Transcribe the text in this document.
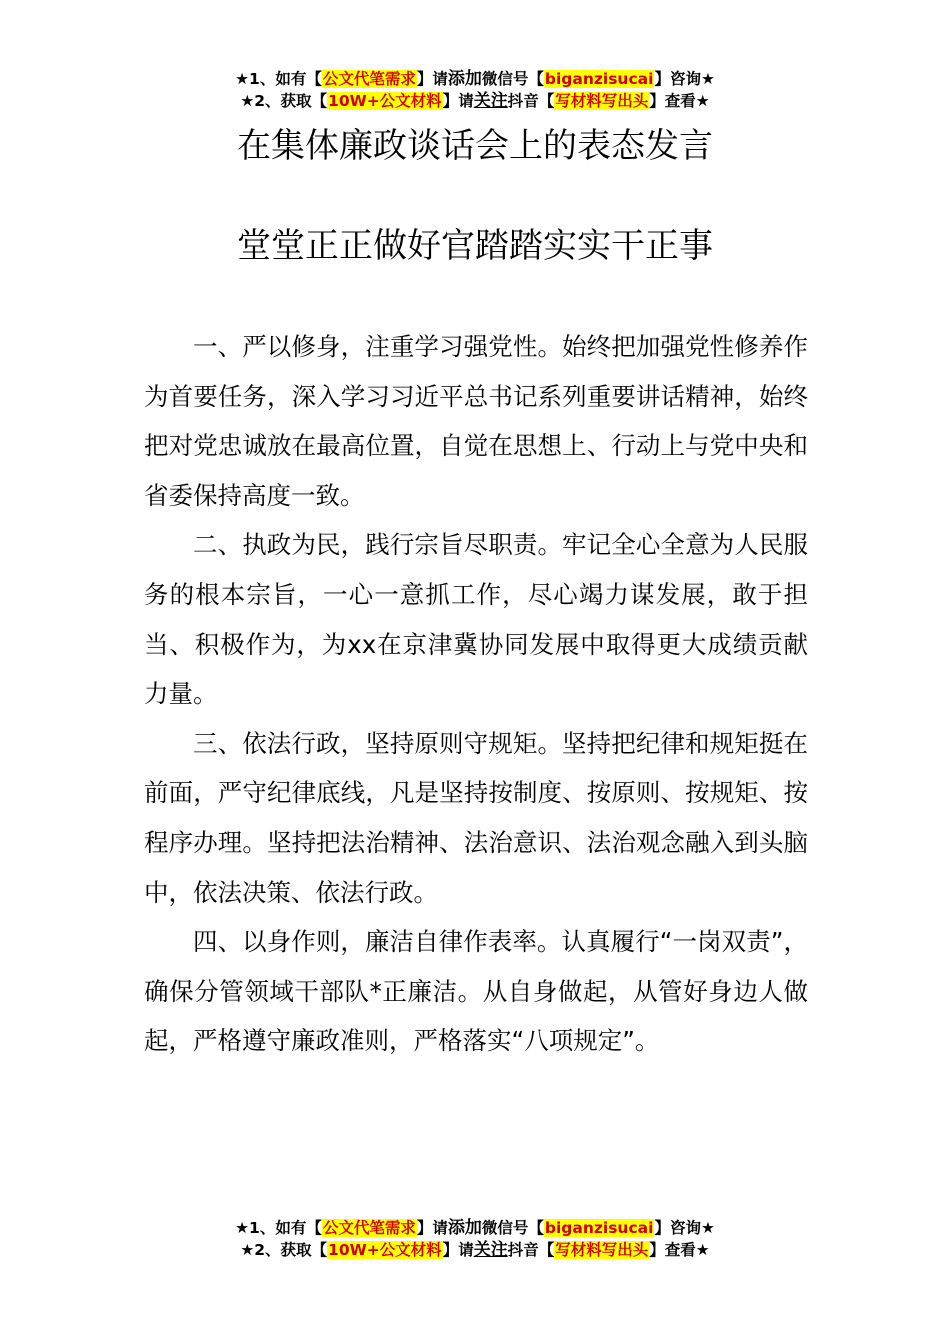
★1、如有【公文代笔需求】请添加微信号【biganzisucai】咨询★
★2、获取【10W+公文材料】请关注抖音【写材料写出头】查看★
在集体廉政谈话会上的表态发言
堂堂正正做好官踏踏实实干正事

一、严以修身，注重学习强党性。始终把加强党性修养作为首要任务，深入学习习近平总书记系列重要讲话精神，始终把对党忠诚放在最高位置，自觉在思想上、行动上与党中央和省委保持高度一致。

二、执政为民，践行宗旨尽职责。牢记全心全意为人民服务的根本宗旨，一心一意抓工作，尽心竭力谋发展，敢于担当、积极作为，为xx在京津冀协同发展中取得更大成绩贡献力量。

三、依法行政，坚持原则守规矩。坚持把纪律和规矩挺在前面，严守纪律底线，凡是坚持按制度、按原则、按规矩、按程序办理。坚持把法治精神、法治意识、法治观念融入到头脑中，依法决策、依法行政。

四、以身作则，廉洁自律作表率。认真履行“一岗双责”，确保分管领域干部队*正廉洁。从自身做起，从管好身边人做起，严格遵守廉政准则，严格落实“八项规定”。

★1、如有【公文代笔需求】请添加微信号【biganzisucai】咨询★
★2、获取【10W+公文材料】请关注抖音【写材料写出头】查看★
